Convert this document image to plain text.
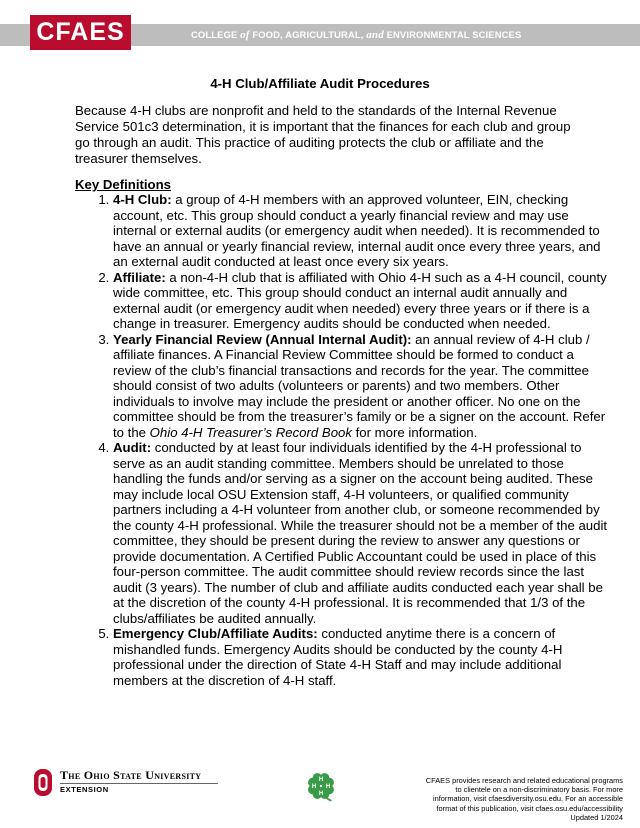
CFAES	COLLEGE of FOOD, AGRICULTURAL, and ENVIRONMENTAL SCIENCES
4-H Club/Affiliate Audit Procedures

Because 4-H clubs are nonprofit and held to the standards of the Internal Revenue Service 501c3 determination, it is important that the finances for each club and group go through an audit. This practice of auditing protects the club or affiliate and the treasurer themselves.

Key Definitions
1. 4-H Club: a group of 4-H members with an approved volunteer, EIN, checking account, etc. This group should conduct a yearly financial review and may use internal or external audits (or emergency audit when needed). It is recommended to have an annual or yearly financial review, internal audit once every three years, and an external audit conducted at least once every six years.
2. Affiliate: a non-4-H club that is affiliated with Ohio 4-H such as a 4-H council, county wide committee, etc. This group should conduct an internal audit annually and external audit (or emergency audit when needed) every three years or if there is a change in treasurer. Emergency audits should be conducted when needed.
3. Yearly Financial Review (Annual Internal Audit): an annual review of 4-H club / affiliate finances. A Financial Review Committee should be formed to conduct a review of the club’s financial transactions and records for the year. The committee should consist of two adults (volunteers or parents) and two members. Other individuals to involve may include the president or another officer. No one on the committee should be from the treasurer’s family or be a signer on the account. Refer to the Ohio 4-H Treasurer’s Record Book for more information.
4. Audit: conducted by at least four individuals identified by the 4-H professional to serve as an audit standing committee. Members should be unrelated to those handling the funds and/or serving as a signer on the account being audited. These may include local OSU Extension staff, 4-H volunteers, or qualified community partners including a 4-H volunteer from another club, or someone recommended by the county 4-H professional. While the treasurer should not be a member of the audit committee, they should be present during the review to answer any questions or provide documentation. A Certified Public Accountant could be used in place of this four-person committee. The audit committee should review records since the last audit (3 years). The number of club and affiliate audits conducted each year shall be at the discretion of the county 4-H professional. It is recommended that 1/3 of the clubs/affiliates be audited annually.
5. Emergency Club/Affiliate Audits: conducted anytime there is a concern of mishandled funds. Emergency Audits should be conducted by the county 4-H professional under the direction of State 4-H Staff and may include additional members at the discretion of 4-H staff.
The Ohio State University
EXTENSION
H
H
H
H
CFAES provides research and related educational programs
to clientele on a non-discriminatory basis. For more
information, visit cfaesdiversity.osu.edu. For an accessible
format of this publication, visit cfaes.osu.edu/accessibility
Updated 1/2024
